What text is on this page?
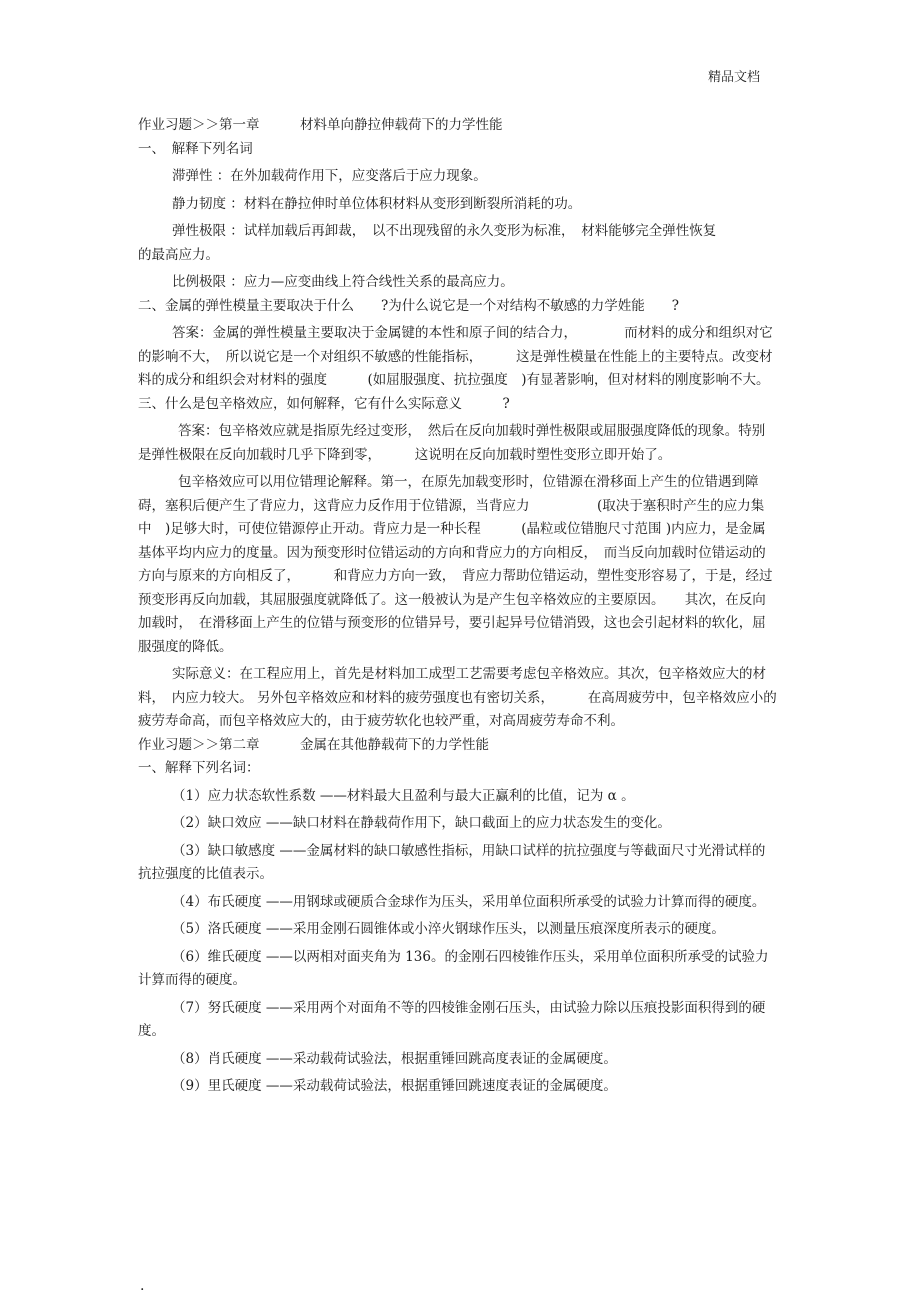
精品文档
作业习题＞＞第一章　　　材料单向静拉伸载荷下的力学性能
一、　解释下列名词
滞弹性 ：在外加载荷作用下，应变落后于应力现象。
静力韧度 ：材料在静拉伸时单位体积材料从变形到断裂所消耗的功。
弹性极限 ：试样加载后再卸裁，　以不出现残留的永久变形为标准，　材料能够完全弹性恢复
的最高应力。
比例极限 ：应力—应变曲线上符合线性关系的最高应力。
二、金属的弹性模量主要取决于什么　　?为什么说它是一个对结构不敏感的力学姓能　　?
答案：金属的弹性模量主要取决于金属键的本性和原子间的结合力，　　　　而材料的成分和组织对它的影响不大，　所以说它是一个对组织不敏感的性能指标，　　　这是弹性模量在性能上的主要特点。改变材料的成分和组织会对材料的强度　　　(如屈服强度、抗拉强度　)有显著影响，但对材料的刚度影响不大。
三、什么是包辛格效应，如何解释，它有什么实际意义　　　?
答案：包辛格效应就是指原先经过变形，　然后在反向加载时弹性极限或屈服强度降低的现象。特别是弹性极限在反向加载时几乎下降到零，　　　这说明在反向加载时塑性变形立即开始了。
包辛格效应可以用位错理论解释。第一，在原先加载变形时，位错源在滑移面上产生的位错遇到障碍，塞积后便产生了背应力，这背应力反作用于位错源，当背应力　　　　　(取决于塞积时产生的应力集中　)足够大时，可使位错源停止开动。背应力是一种长程　　　(晶粒或位错胞尺寸范围 )内应力，是金属基体平均内应力的度量。因为预变形时位错运动的方向和背应力的方向相反，　而当反向加载时位错运动的方向与原来的方向相反了，　　　和背应力方向一致，　背应力帮助位错运动，塑性变形容易了，于是，经过预变形再反向加载，其屈服强度就降低了。这一般被认为是产生包辛格效应的主要原因。　　其次，在反向加载时，　在滑移面上产生的位错与预变形的位错异号，要引起异号位错消毁，这也会引起材料的软化，屈服强度的降低。
实际意义：在工程应用上，首先是材料加工成型工艺需要考虑包辛格效应。其次，包辛格效应大的材料，　内应力较大。 另外包辛格效应和材料的疲劳强度也有密切关系，　　　在高周疲劳中，包辛格效应小的疲劳寿命高，而包辛格效应大的，由于疲劳软化也较严重，对高周疲劳寿命不利。
作业习题＞＞第二章　　　金属在其他静载荷下的力学性能
一、解释下列名词：
（1）应力状态软性系数 ——材料最大且盈利与最大正赢利的比值，记为 α 。
（2）缺口效应 ——缺口材料在静载荷作用下，缺口截面上的应力状态发生的变化。
（3）缺口敏感度 ——金属材料的缺口敏感性指标，用缺口试样的抗拉强度与等截面尺寸光滑试样的抗拉强度的比值表示。
（4）布氏硬度 ——用钢球或硬质合金球作为压头，采用单位面积所承受的试验力计算而得的硬度。
（5）洛氏硬度 ——采用金刚石圆锥体或小淬火钢球作压头，以测量压痕深度所表示的硬度。
（6）维氏硬度 ——以两相对面夹角为 136。的金刚石四棱锥作压头，采用单位面积所承受的试验力计算而得的硬度。
（7）努氏硬度 ——采用两个对面角不等的四棱锥金刚石压头，由试验力除以压痕投影面积得到的硬度。
（8）肖氏硬度 ——采动载荷试验法，根据重锤回跳高度表证的金属硬度。
（9）里氏硬度 ——采动载荷试验法，根据重锤回跳速度表证的金属硬度。
.
